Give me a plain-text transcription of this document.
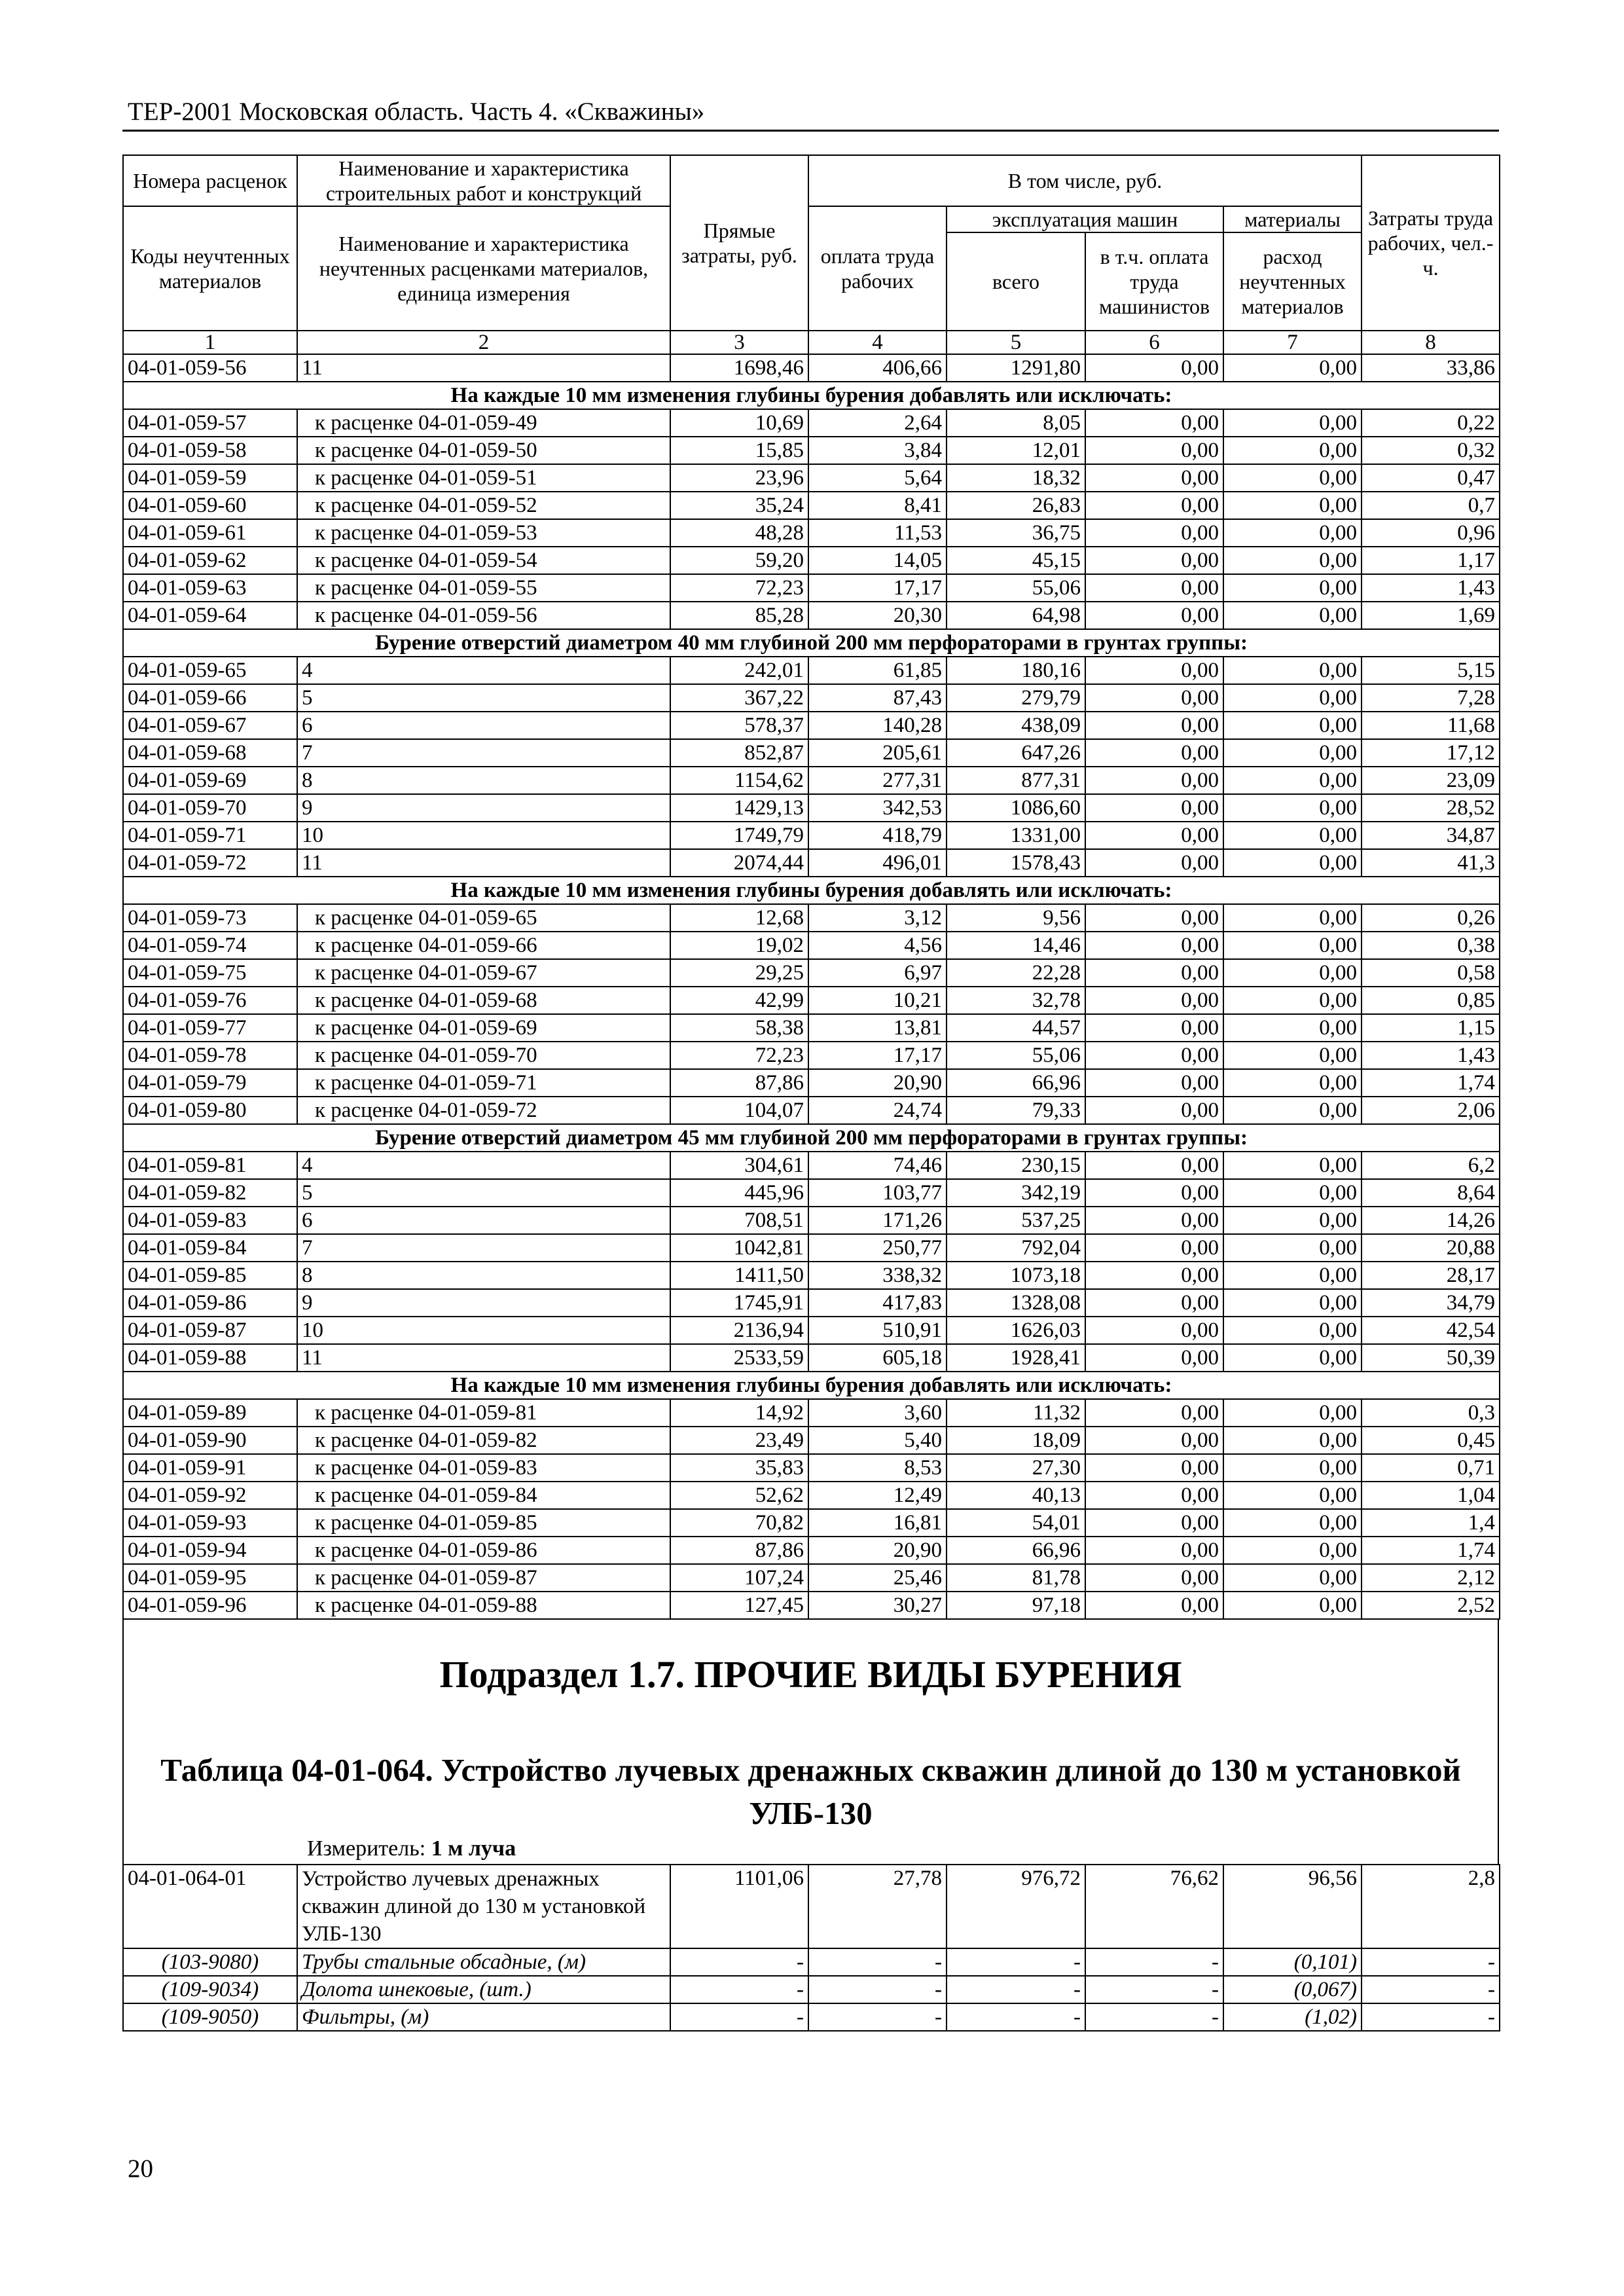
ТЕР-2001 Московская область. Часть 4. «Скважины»
Номера расценок	Наименование и характеристика строительных работ и конструкций	Прямые затраты, руб.	В том числе, руб.				Затраты труда рабочих, чел.-ч.
Коды неучтенных материалов	Наименование и характеристика неучтенных расценками материалов, единица измерения		оплата труда рабочих	эксплуатация машин		материалы	
				всего	в т.ч. оплата труда машинистов	расход неучтенных материалов	
1	2	3	4	5	6	7	8
04-01-059-56	11	1698,46	406,66	1291,80	0,00	0,00	33,86
На каждые 10 мм изменения глубины бурения добавлять или исключать:							
04-01-059-57	к расценке 04-01-059-49	10,69	2,64	8,05	0,00	0,00	0,22
04-01-059-58	к расценке 04-01-059-50	15,85	3,84	12,01	0,00	0,00	0,32
04-01-059-59	к расценке 04-01-059-51	23,96	5,64	18,32	0,00	0,00	0,47
04-01-059-60	к расценке 04-01-059-52	35,24	8,41	26,83	0,00	0,00	0,7
04-01-059-61	к расценке 04-01-059-53	48,28	11,53	36,75	0,00	0,00	0,96
04-01-059-62	к расценке 04-01-059-54	59,20	14,05	45,15	0,00	0,00	1,17
04-01-059-63	к расценке 04-01-059-55	72,23	17,17	55,06	0,00	0,00	1,43
04-01-059-64	к расценке 04-01-059-56	85,28	20,30	64,98	0,00	0,00	1,69
Бурение отверстий диаметром 40 мм глубиной 200 мм перфораторами в грунтах группы:							
04-01-059-65	4	242,01	61,85	180,16	0,00	0,00	5,15
04-01-059-66	5	367,22	87,43	279,79	0,00	0,00	7,28
04-01-059-67	6	578,37	140,28	438,09	0,00	0,00	11,68
04-01-059-68	7	852,87	205,61	647,26	0,00	0,00	17,12
04-01-059-69	8	1154,62	277,31	877,31	0,00	0,00	23,09
04-01-059-70	9	1429,13	342,53	1086,60	0,00	0,00	28,52
04-01-059-71	10	1749,79	418,79	1331,00	0,00	0,00	34,87
04-01-059-72	11	2074,44	496,01	1578,43	0,00	0,00	41,3
На каждые 10 мм изменения глубины бурения добавлять или исключать:							
04-01-059-73	к расценке 04-01-059-65	12,68	3,12	9,56	0,00	0,00	0,26
04-01-059-74	к расценке 04-01-059-66	19,02	4,56	14,46	0,00	0,00	0,38
04-01-059-75	к расценке 04-01-059-67	29,25	6,97	22,28	0,00	0,00	0,58
04-01-059-76	к расценке 04-01-059-68	42,99	10,21	32,78	0,00	0,00	0,85
04-01-059-77	к расценке 04-01-059-69	58,38	13,81	44,57	0,00	0,00	1,15
04-01-059-78	к расценке 04-01-059-70	72,23	17,17	55,06	0,00	0,00	1,43
04-01-059-79	к расценке 04-01-059-71	87,86	20,90	66,96	0,00	0,00	1,74
04-01-059-80	к расценке 04-01-059-72	104,07	24,74	79,33	0,00	0,00	2,06
Бурение отверстий диаметром 45 мм глубиной 200 мм перфораторами в грунтах группы:							
04-01-059-81	4	304,61	74,46	230,15	0,00	0,00	6,2
04-01-059-82	5	445,96	103,77	342,19	0,00	0,00	8,64
04-01-059-83	6	708,51	171,26	537,25	0,00	0,00	14,26
04-01-059-84	7	1042,81	250,77	792,04	0,00	0,00	20,88
04-01-059-85	8	1411,50	338,32	1073,18	0,00	0,00	28,17
04-01-059-86	9	1745,91	417,83	1328,08	0,00	0,00	34,79
04-01-059-87	10	2136,94	510,91	1626,03	0,00	0,00	42,54
04-01-059-88	11	2533,59	605,18	1928,41	0,00	0,00	50,39
На каждые 10 мм изменения глубины бурения добавлять или исключать:							
04-01-059-89	к расценке 04-01-059-81	14,92	3,60	11,32	0,00	0,00	0,3
04-01-059-90	к расценке 04-01-059-82	23,49	5,40	18,09	0,00	0,00	0,45
04-01-059-91	к расценке 04-01-059-83	35,83	8,53	27,30	0,00	0,00	0,71
04-01-059-92	к расценке 04-01-059-84	52,62	12,49	40,13	0,00	0,00	1,04
04-01-059-93	к расценке 04-01-059-85	70,82	16,81	54,01	0,00	0,00	1,4
04-01-059-94	к расценке 04-01-059-86	87,86	20,90	66,96	0,00	0,00	1,74
04-01-059-95	к расценке 04-01-059-87	107,24	25,46	81,78	0,00	0,00	2,12
04-01-059-96	к расценке 04-01-059-88	127,45	30,27	97,18	0,00	0,00	2,52
Подраздел 1.7. ПРОЧИЕ ВИДЫ БУРЕНИЯ
Таблица 04-01-064. Устройство лучевых дренажных скважин длиной до 130 м установкой УЛБ-130
Измеритель: 1 м луча
04-01-064-01	Устройство лучевых дренажных скважин длиной до 130 м установкой УЛБ-130	1101,06	27,78	976,72	76,62	96,56	2,8
(103-9080)	Трубы стальные обсадные, (м)	-	-	-	-	(0,101)	-
(109-9034)	Долота шнековые, (шт.)	-	-	-	-	(0,067)	-
(109-9050)	Фильтры, (м)	-	-	-	-	(1,02)	-
20
